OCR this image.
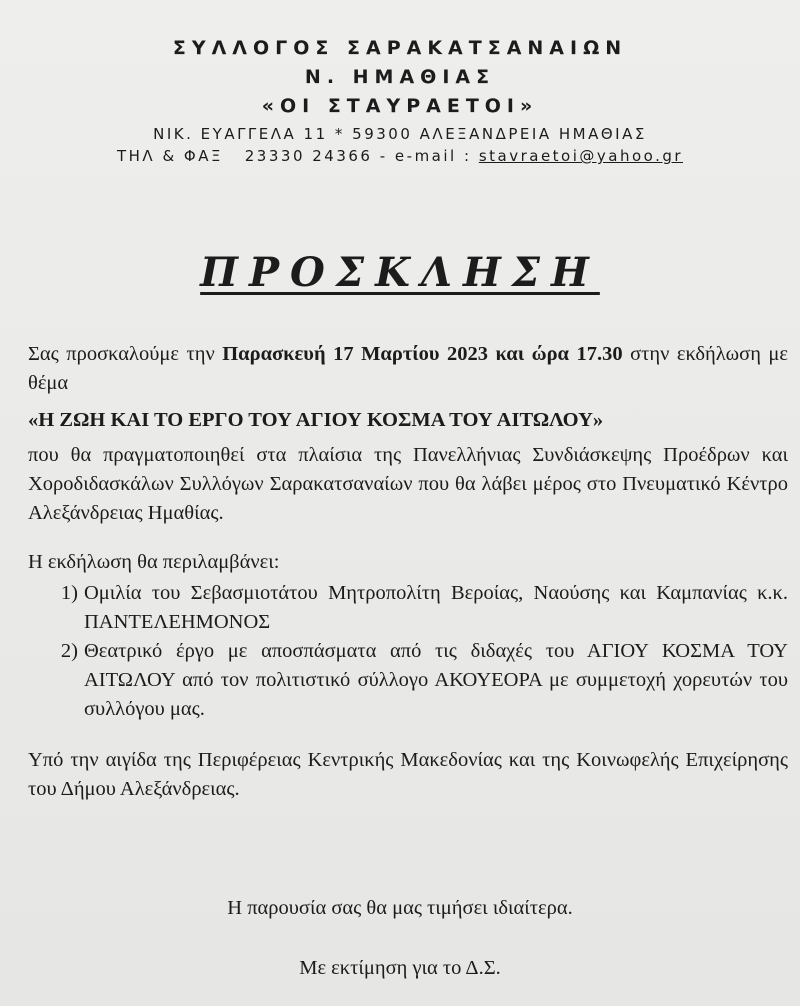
ΣΥΛΛΟΓΟΣ ΣΑΡΑΚΑΤΣΑΝΑΙΩΝ
Ν. ΗΜΑΘΙΑΣ
«ΟΙ ΣΤΑΥΡΑΕΤΟΙ»
ΝΙΚ. ΕΥΑΓΓΕΛΑ 11 * 59300 ΑΛΕΞΑΝΔΡΕΙΑ ΗΜΑΘΙΑΣ
ΤΗΛ & ΦΑΞ 23330 24366 - e-mail : stavraetoi@yahoo.gr
ΠΡΟΣΚΛΗΣΗ
Σας προσκαλούμε την Παρασκευή 17 Μαρτίου 2023 και ώρα 17.30 στην εκδήλωση με θέμα
«Η ΖΩΗ ΚΑΙ ΤΟ ΕΡΓΟ ΤΟΥ ΑΓΙΟΥ ΚΟΣΜΑ ΤΟΥ ΑΙΤΩΛΟΥ»
που θα πραγματοποιηθεί στα πλαίσια της Πανελλήνιας Συνδιάσκεψης Προέδρων και Χοροδιδασκάλων Συλλόγων Σαρακατσαναίων που θα λάβει μέρος στο Πνευματικό Κέντρο Αλεξάνδρειας Ημαθίας.
Η εκδήλωση θα περιλαμβάνει:
1) Ομιλία του Σεβασμιοτάτου Μητροπολίτη Βεροίας, Ναούσης και Καμπανίας κ.κ. ΠΑΝΤΕΛΕΗΜΟΝΟΣ
2) Θεατρικό έργο με αποσπάσματα από τις διδαχές του ΑΓΙΟΥ ΚΟΣΜΑ ΤΟΥ ΑΙΤΩΛΟΥ από τον πολιτιστικό σύλλογο ΑΚΟΥΕΟΡΑ με συμμετοχή χορευτών του συλλόγου μας.
Υπό την αιγίδα της Περιφέρειας Κεντρικής Μακεδονίας και της Κοινωφελής Επιχείρησης του Δήμου Αλεξάνδρειας.
Η παρουσία σας θα μας τιμήσει ιδιαίτερα.
Με εκτίμηση για το Δ.Σ.
